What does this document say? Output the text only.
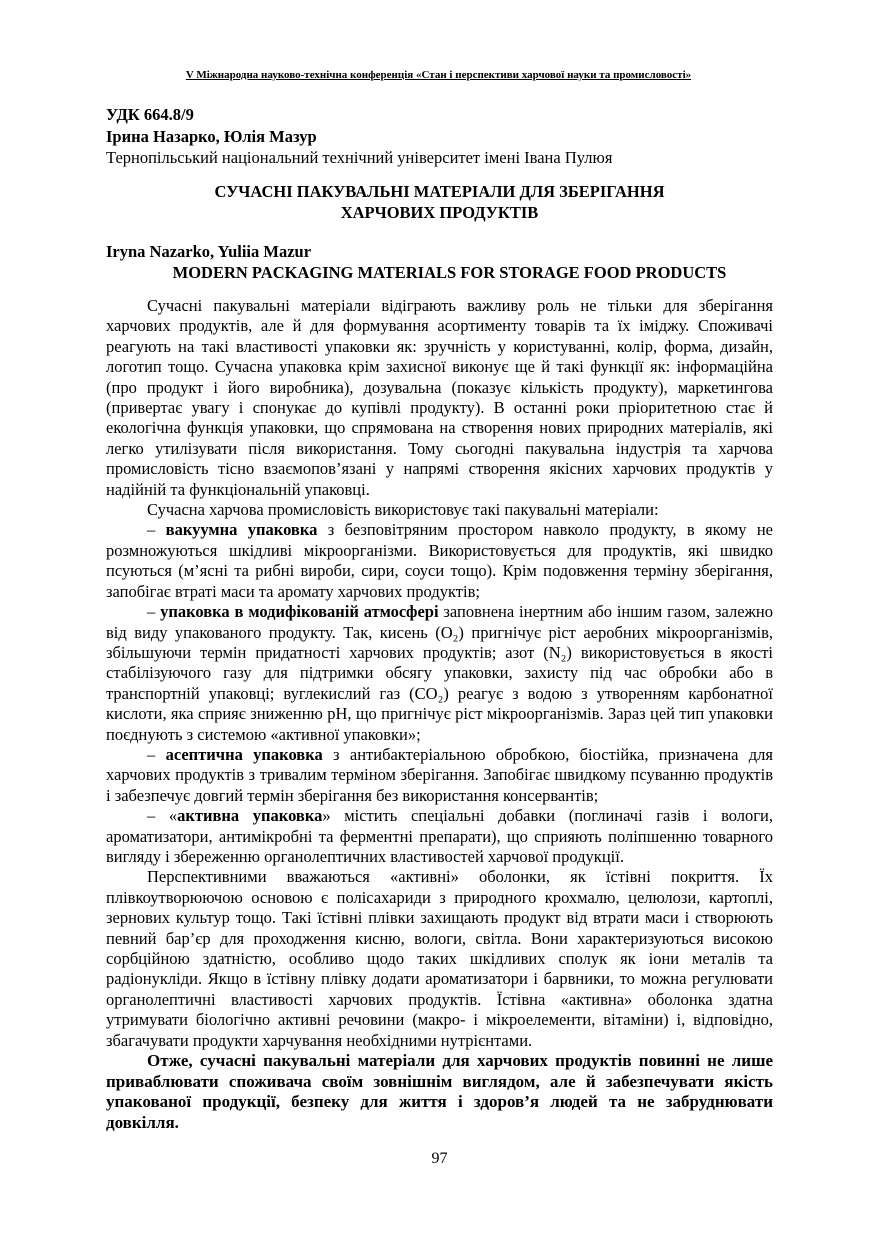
V Міжнародна науково-технічна конференція «Стан і перспективи харчової науки та промисловості»
УДК 664.8/9
Ірина Назарко, Юлія Мазур
Тернопільський національний технічний університет імені Івана Пулюя
СУЧАСНІ ПАКУВАЛЬНІ МАТЕРІАЛИ ДЛЯ ЗБЕРІГАННЯ
ХАРЧОВИХ ПРОДУКТІВ
Iryna Nazarko, Yuliia Mazur
MODERN PACKAGING MATERIALS FOR STORAGE FOOD PRODUCTS

Сучасні пакувальні матеріали відіграють важливу роль не тільки для зберігання харчових продуктів, але й для формування асортименту товарів та їх іміджу. Споживачі реагують на такі властивості упаковки як: зручність у користуванні, колір, форма, дизайн, логотип тощо. Сучасна упаковка крім захисної виконує ще й такі функції як: інформаційна (про продукт і його виробника), дозувальна (показує кількість продукту), маркетингова (привертає увагу і спонукає до купівлі продукту). В останні роки пріоритетною стає й екологічна функція упаковки, що спрямована на створення нових природних матеріалів, які легко утилізувати після використання. Тому сьогодні пакувальна індустрія та харчова промисловість тісно взаємопов’язані у напрямі створення якісних харчових продуктів у надійній та функціональній упаковці.

Сучасна харчова промисловість використовує такі пакувальні матеріали:

– вакуумна упаковка з безповітряним простором навколо продукту, в якому не розмножуються шкідливі мікроорганізми. Використовується для продуктів, які швидко псуються (м’ясні та рибні вироби, сири, соуси тощо). Крім подовження терміну зберігання, запобігає втраті маси та аромату харчових продуктів;

– упаковка в модифікованій атмосфері заповнена інертним або іншим газом, залежно від виду упакованого продукту. Так, кисень (O₂) пригнічує ріст аеробних мікроорганізмів, збільшуючи термін придатності харчових продуктів; азот (N₂) використовується в якості стабілізуючого газу для підтримки обсягу упаковки, захисту під час обробки або в транспортній упаковці; вуглекислий газ (CO₂) реагує з водою з утворенням карбонатної кислоти, яка сприяє зниженню рН, що пригнічує ріст мікроорганізмів. Зараз цей тип упаковки поєднують з системою «активної упаковки»;

– асептична упаковка з антибактеріальною обробкою, біостійка, призначена для харчових продуктів з тривалим терміном зберігання. Запобігає швидкому псуванню продуктів і забезпечує довгий термін зберігання без використання консервантів;

– «активна упаковка» містить спеціальні добавки (поглиначі газів і вологи, ароматизатори, антимікробні та ферментні препарати), що сприяють поліпшенню товарного вигляду і збереженню органолептичних властивостей харчової продукції.

Перспективними вважаються «активні» оболонки, як їстівні покриття. Їх плівкоутворюючою основою є полісахариди з природного крохмалю, целюлози, картоплі, зернових культур тощо. Такі їстівні плівки захищають продукт від втрати маси і створюють певний бар’єр для проходження кисню, вологи, світла. Вони характеризуються високою сорбційною здатністю, особливо щодо таких шкідливих сполук як іони металів та радіонукліди. Якщо в їстівну плівку додати ароматизатори і барвники, то можна регулювати органолептичні властивості харчових продуктів. Їстівна «активна» оболонка здатна утримувати біологічно активні речовини (макро- і мікроелементи, вітаміни) і, відповідно, збагачувати продукти харчування необхідними нутрієнтами.

Отже, сучасні пакувальні матеріали для харчових продуктів повинні не лише приваблювати споживача своїм зовнішнім виглядом, але й забезпечувати якість упакованої продукції, безпеку для життя і здоров’я людей та не забруднювати довкілля.

97
